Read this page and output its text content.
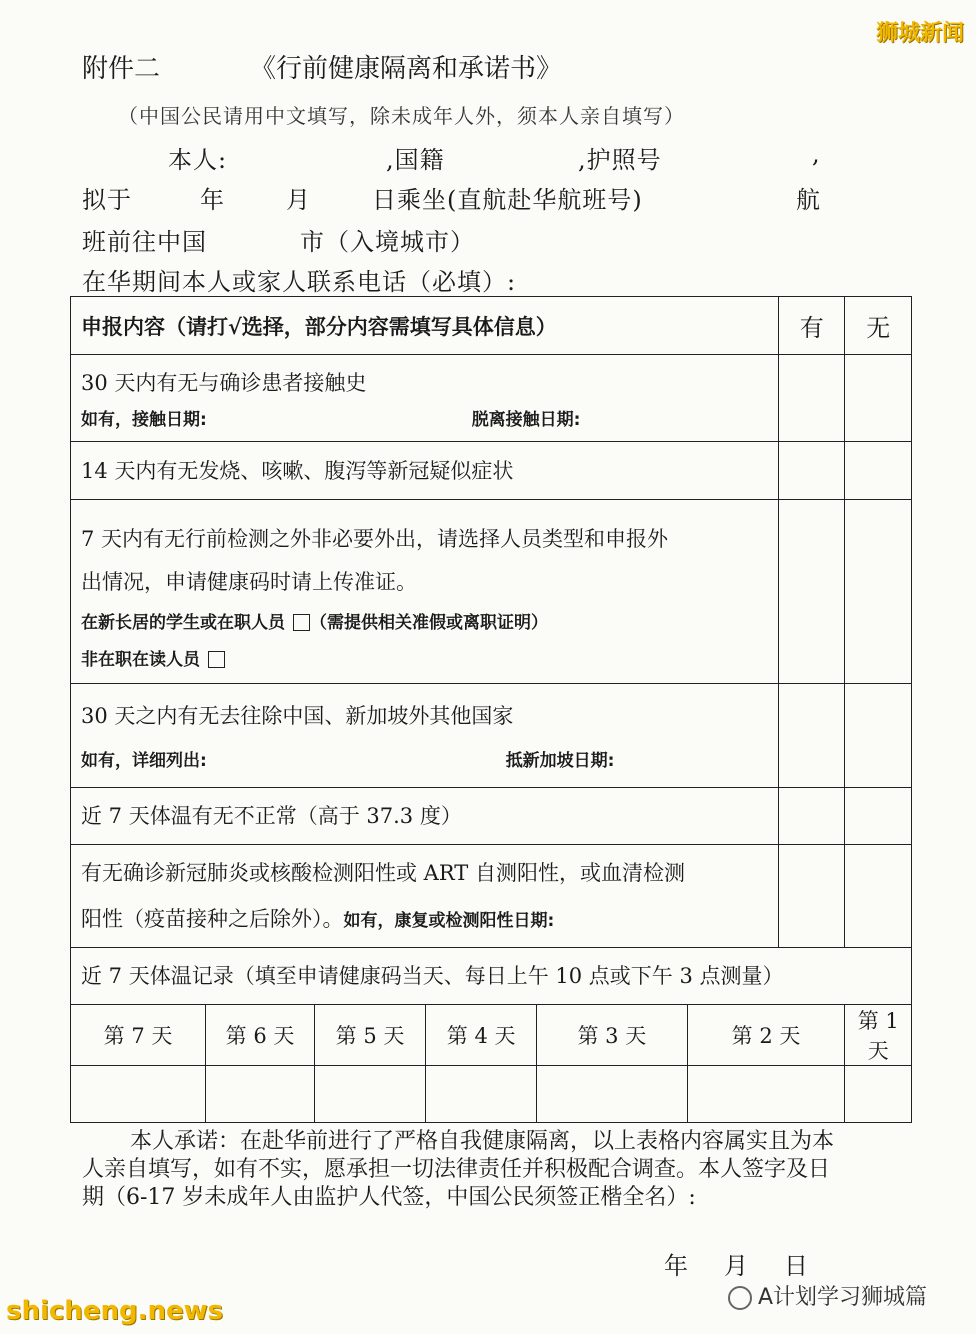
狮城新闻
shicheng.news	A计划学习狮城篇
附件二	《行前健康隔离和承诺书》
（中国公民请用中文填写，除未成年人外，须本人亲自填写）
本人:	,国籍	,护照号	,
拟于	年	月	日乘坐(直航赴华航班号)	航
班前往中国	市（入境城市）
在华期间本人或家人联系电话（必填）:
申报内容（请打√选择，部分内容需填写具体信息）						有	无

30 天内有无与确诊患者接触史
如有，接触日期: 脱离接触日期:							

14 天内有无发烧、咳嗽、腹泻等新冠疑似症状							

7 天内有无行前检测之外非必要外出，请选择人员类型和申报外
出情况，申请健康码时请上传准证。
在新长居的学生或在职人员 （需提供相关准假或离职证明）
非在职在读人员							

30 天之内有无去往除中国、新加坡外其他国家
如有，详细列出: 抵新加坡日期:							

近 7 天体温有无不正常（高于 37.3 度）							

有无确诊新冠肺炎或核酸检测阳性或 ART 自测阳性，或血清检测
阳性（疫苗接种之后除外）。如有，康复或检测阳性日期:							

近 7 天体温记录（填至申请健康码当天、每日上午 10 点或下午 3 点测量）							
第 7 天	第 6 天	第 5 天	第 4 天	第 3 天	第 2 天		第 1 天

本人承诺：在赴华前进行了严格自我健康隔离，以上表格内容属实且为本人亲自填写，如有不实，愿承担一切法律责任并积极配合调查。本人签字及日期（6-17 岁未成年人由监护人代签，中国公民须签正楷全名）:
年 月 日
